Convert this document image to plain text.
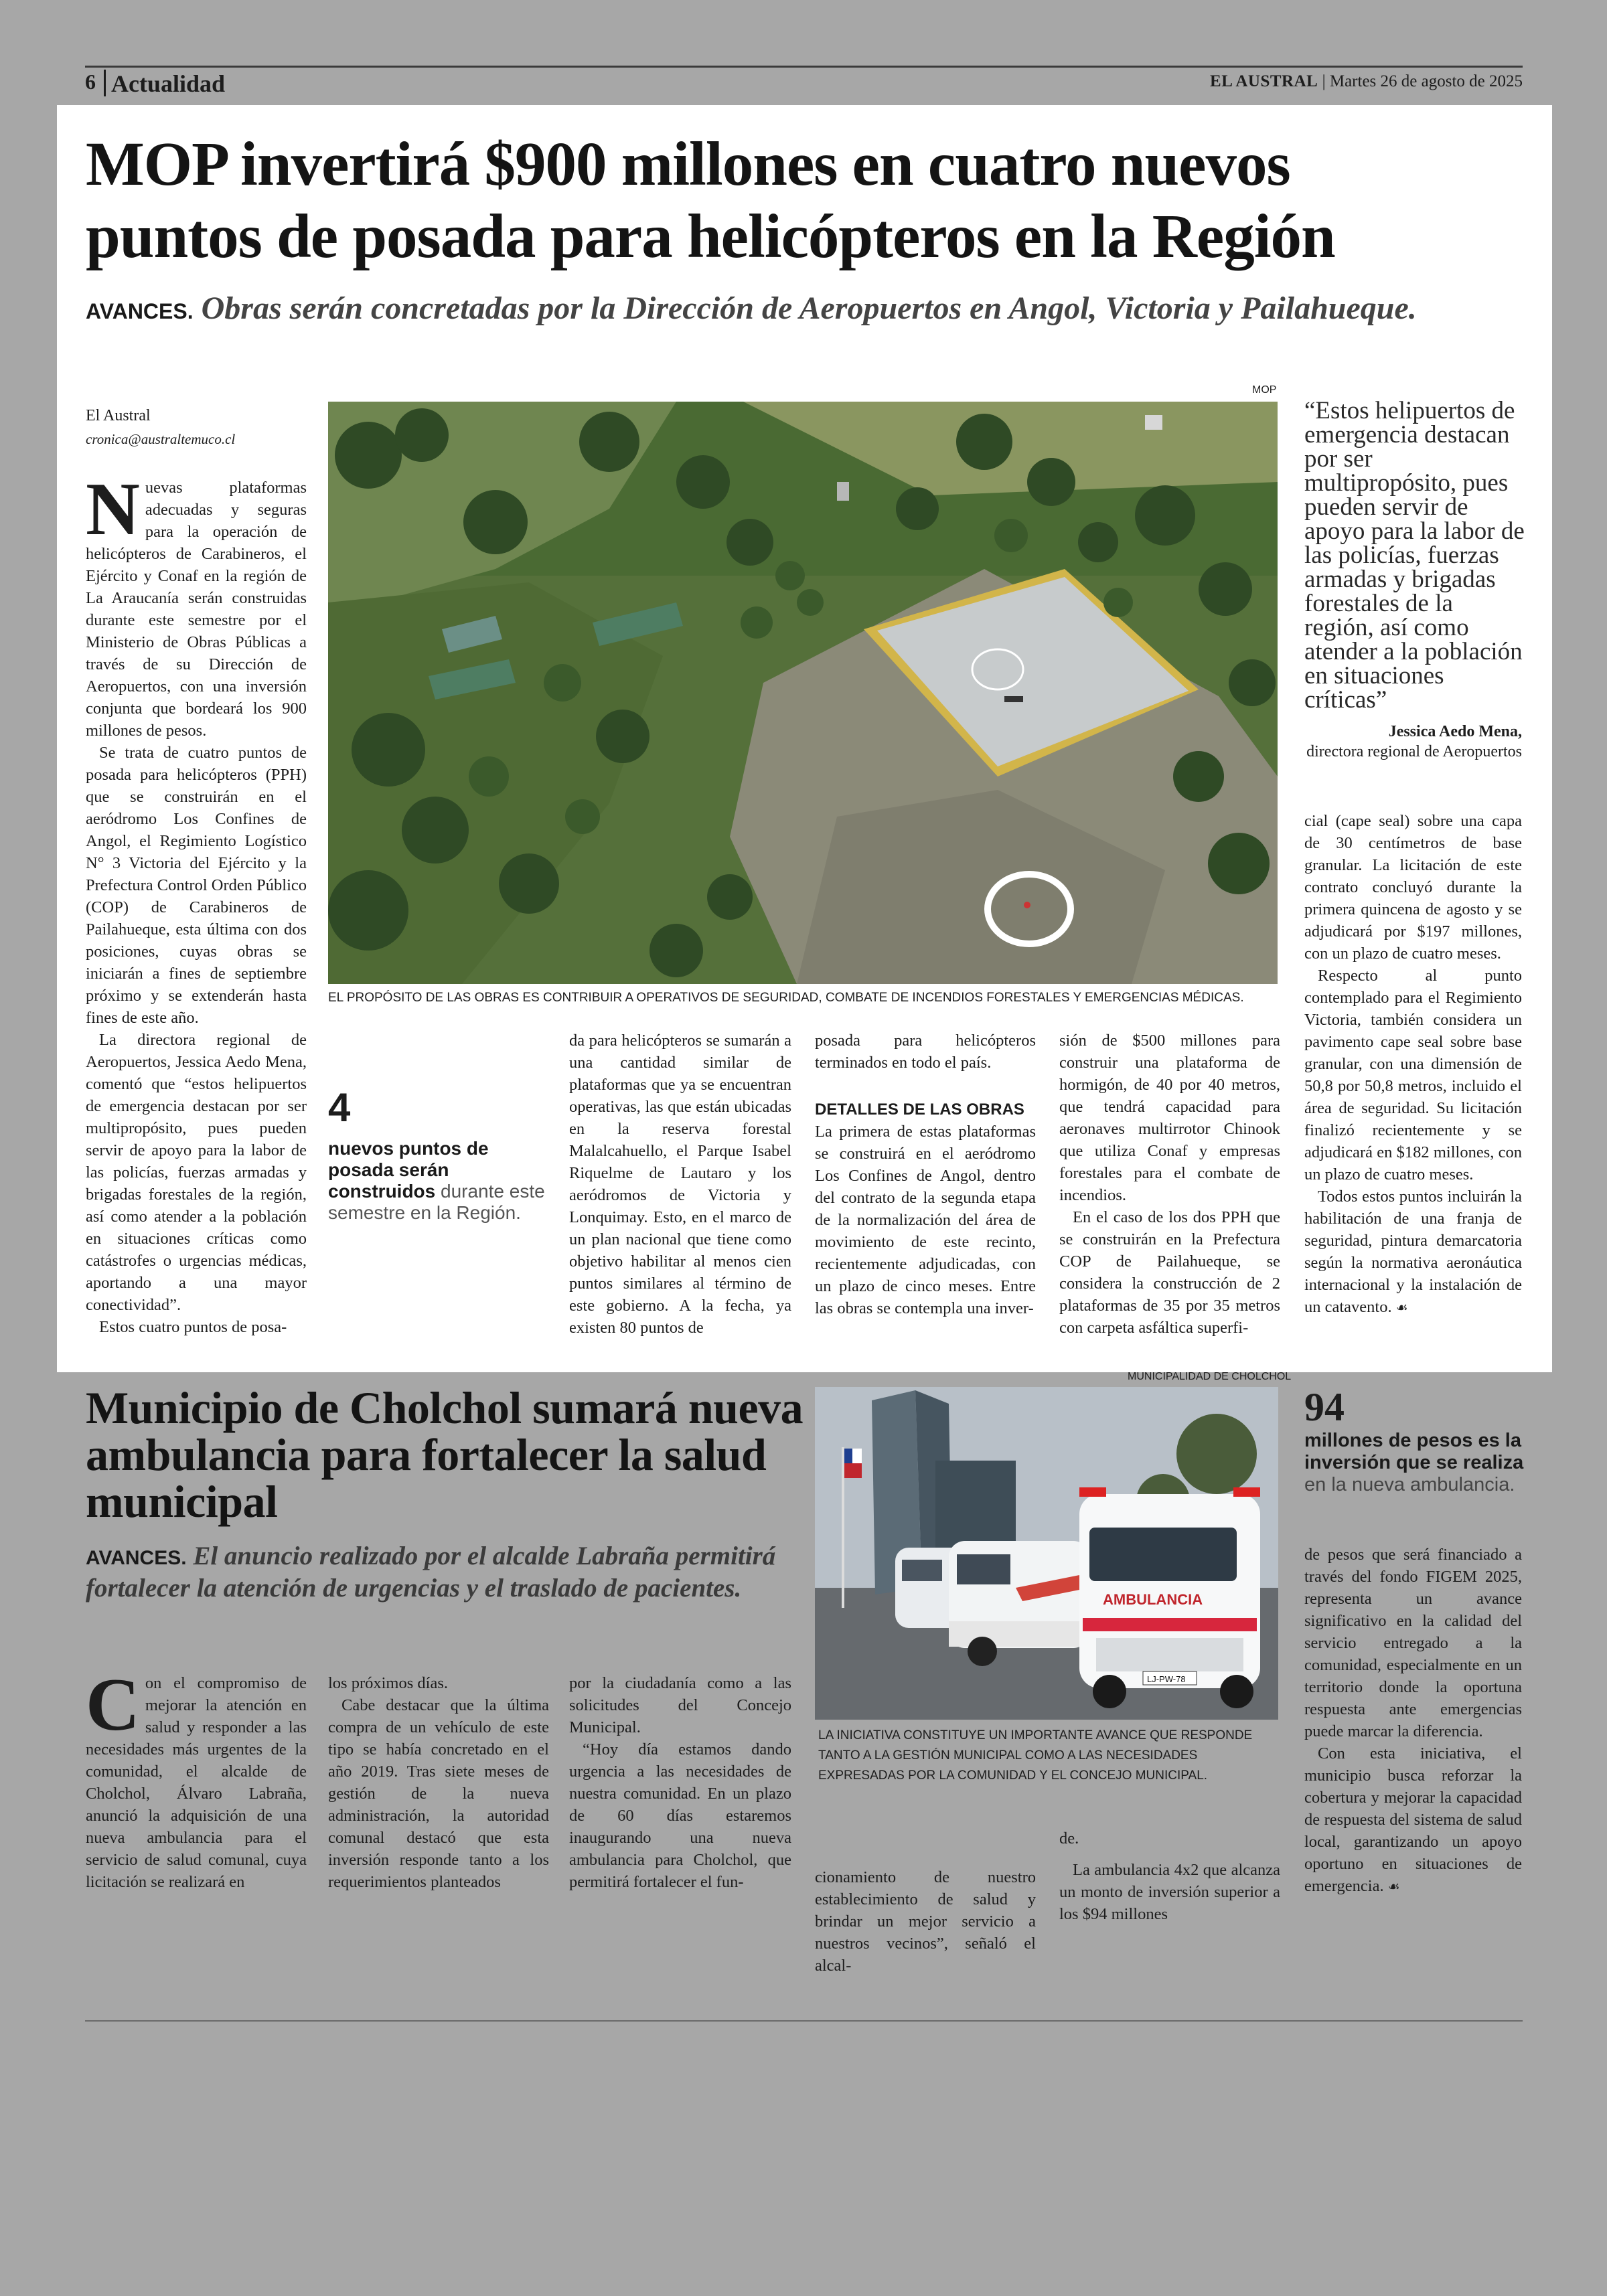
6 Actualidad	EL AUSTRAL | Martes 26 de agosto de 2025
MOP invertirá $900 millones en cuatro nuevos
puntos de posada para helicópteros en la Región
AVANCES. Obras serán concretadas por la Dirección de Aeropuertos en Angol, Victoria y Pailahueque.
El Austral
cronica@australtemuco.cl

Nuevas plataformas adecuadas y seguras para la operación de helicópteros de Carabineros, el Ejército y Conaf en la región de La Araucanía serán construidas durante este semestre por el Ministerio de Obras Públicas a través de su Dirección de Aeropuertos, con una inversión conjunta que bordeará los 900 millones de pesos.

Se trata de cuatro puntos de posada para helicópteros (PPH) que se construirán en el aeródromo Los Confines de Angol, el Regimiento Logístico N° 3 Victoria del Ejército y la Prefectura Control Orden Público (COP) de Carabineros de Pailahueque, esta última con dos posiciones, cuyas obras se iniciarán a fines de septiembre próximo y se extenderán hasta fines de este año.

La directora regional de Aeropuertos, Jessica Aedo Mena, comentó que “estos helipuertos de emergencia destacan por ser multipropósito, pues pueden servir de apoyo para la labor de las policías, fuerzas armadas y brigadas forestales de la región, así como atender a la población en situaciones críticas como catástrofes o urgencias médicas, aportando a una mayor conectividad”.

Estos cuatro puntos de posa-

MOP
EL PROPÓSITO DE LAS OBRAS ES CONTRIBUIR A OPERATIVOS DE SEGURIDAD, COMBATE DE INCENDIOS FORESTALES Y EMERGENCIAS MÉDICAS.
“Estos helipuertos de emergencia destacan por ser multipropósito, pues pueden servir de apoyo para la labor de las policías, fuerzas armadas y brigadas forestales de la región, así como atender a la población en situaciones críticas”
Jessica Aedo Mena,
directora regional de Aeropuertos
4
nuevos puntos de posada serán construidos durante este semestre en la Región.

da para helicópteros se sumarán a una cantidad similar de plataformas que ya se encuentran operativas, las que están ubicadas en la reserva forestal Malalcahuello, el Parque Isabel Riquelme de Lautaro y los aeródromos de Victoria y Lonquimay. Esto, en el marco de un plan nacional que tiene como objetivo habilitar al menos cien puntos similares al término de este gobierno. A la fecha, ya existen 80 puntos de

posada para helicópteros terminados en todo el país.

DETALLES DE LAS OBRAS

La primera de estas plataformas se construirá en el aeródromo Los Confines de Angol, dentro del contrato de la segunda etapa de la normalización del área de movimiento de este recinto, recientemente adjudicadas, con un plazo de cinco meses. Entre las obras se contempla una inver-

sión de $500 millones para construir una plataforma de hormigón, de 40 por 40 metros, que tendrá capacidad para aeronaves multirrotor Chinook que utiliza Conaf y empresas forestales para el combate de incendios.

En el caso de los dos PPH que se construirán en la Prefectura COP de Pailahueque, se considera la construcción de 2 plataformas de 35 por 35 metros con carpeta asfáltica superfi-

cial (cape seal) sobre una capa de 30 centímetros de base granular. La licitación de este contrato concluyó durante la primera quincena de agosto y se adjudicará por $197 millones, con un plazo de cuatro meses.

Respecto al punto contemplado para el Regimiento Victoria, también considera un pavimento cape seal sobre base granular, con una dimensión de 50,8 por 50,8 metros, incluido el área de seguridad. Su licitación finalizó recientemente y se adjudicará en $182 millones, con un plazo de cuatro meses.

Todos estos puntos incluirán la habilitación de una franja de seguridad, pintura demarcatoria según la normativa aeronáutica internacional y la instalación de un catavento. ☙

Municipio de Cholchol sumará nueva ambulancia para fortalecer la salud municipal
AVANCES. El anuncio realizado por el alcalde Labraña permitirá fortalecer la atención de urgencias y el traslado de pacientes.

Con el compromiso de mejorar la atención en salud y responder a las necesidades más urgentes de la comunidad, el alcalde de Cholchol, Álvaro Labraña, anunció la adquisición de una nueva ambulancia para el servicio de salud comunal, cuya licitación se realizará en

los próximos días.

Cabe destacar que la última compra de un vehículo de este tipo se había concretado en el año 2019. Tras siete meses de gestión de la nueva administración, la autoridad comunal destacó que esta inversión responde tanto a los requerimientos planteados

por la ciudadanía como a las solicitudes del Concejo Municipal.

“Hoy día estamos dando urgencia a las necesidades de nuestra comunidad. En un plazo de 60 días estaremos inaugurando una nueva ambulancia para Cholchol, que permitirá fortalecer el fun-

MUNICIPALIDAD DE CHOLCHOL
AMBULANCIA
LJ-PW-78
LA INICIATIVA CONSTITUYE UN IMPORTANTE AVANCE QUE RESPONDE TANTO A LA GESTIÓN MUNICIPAL COMO A LAS NECESIDADES EXPRESADAS POR LA COMUNIDAD Y EL CONCEJO MUNICIPAL.

cionamiento de nuestro establecimiento de salud y brindar un mejor servicio a nuestros vecinos”, señaló el alcal-

de.

La ambulancia 4x2 que alcanza un monto de inversión superior a los $94 millones

94
millones de pesos es la inversión que se realiza en la nueva ambulancia.

de pesos que será financiado a través del fondo FIGEM 2025, representa un avance significativo en la calidad del servicio entregado a la comunidad, especialmente en un territorio donde la oportuna respuesta ante emergencias puede marcar la diferencia.

Con esta iniciativa, el municipio busca reforzar la cobertura y mejorar la capacidad de respuesta del sistema de salud local, garantizando un apoyo oportuno en situaciones de emergencia. ☙
